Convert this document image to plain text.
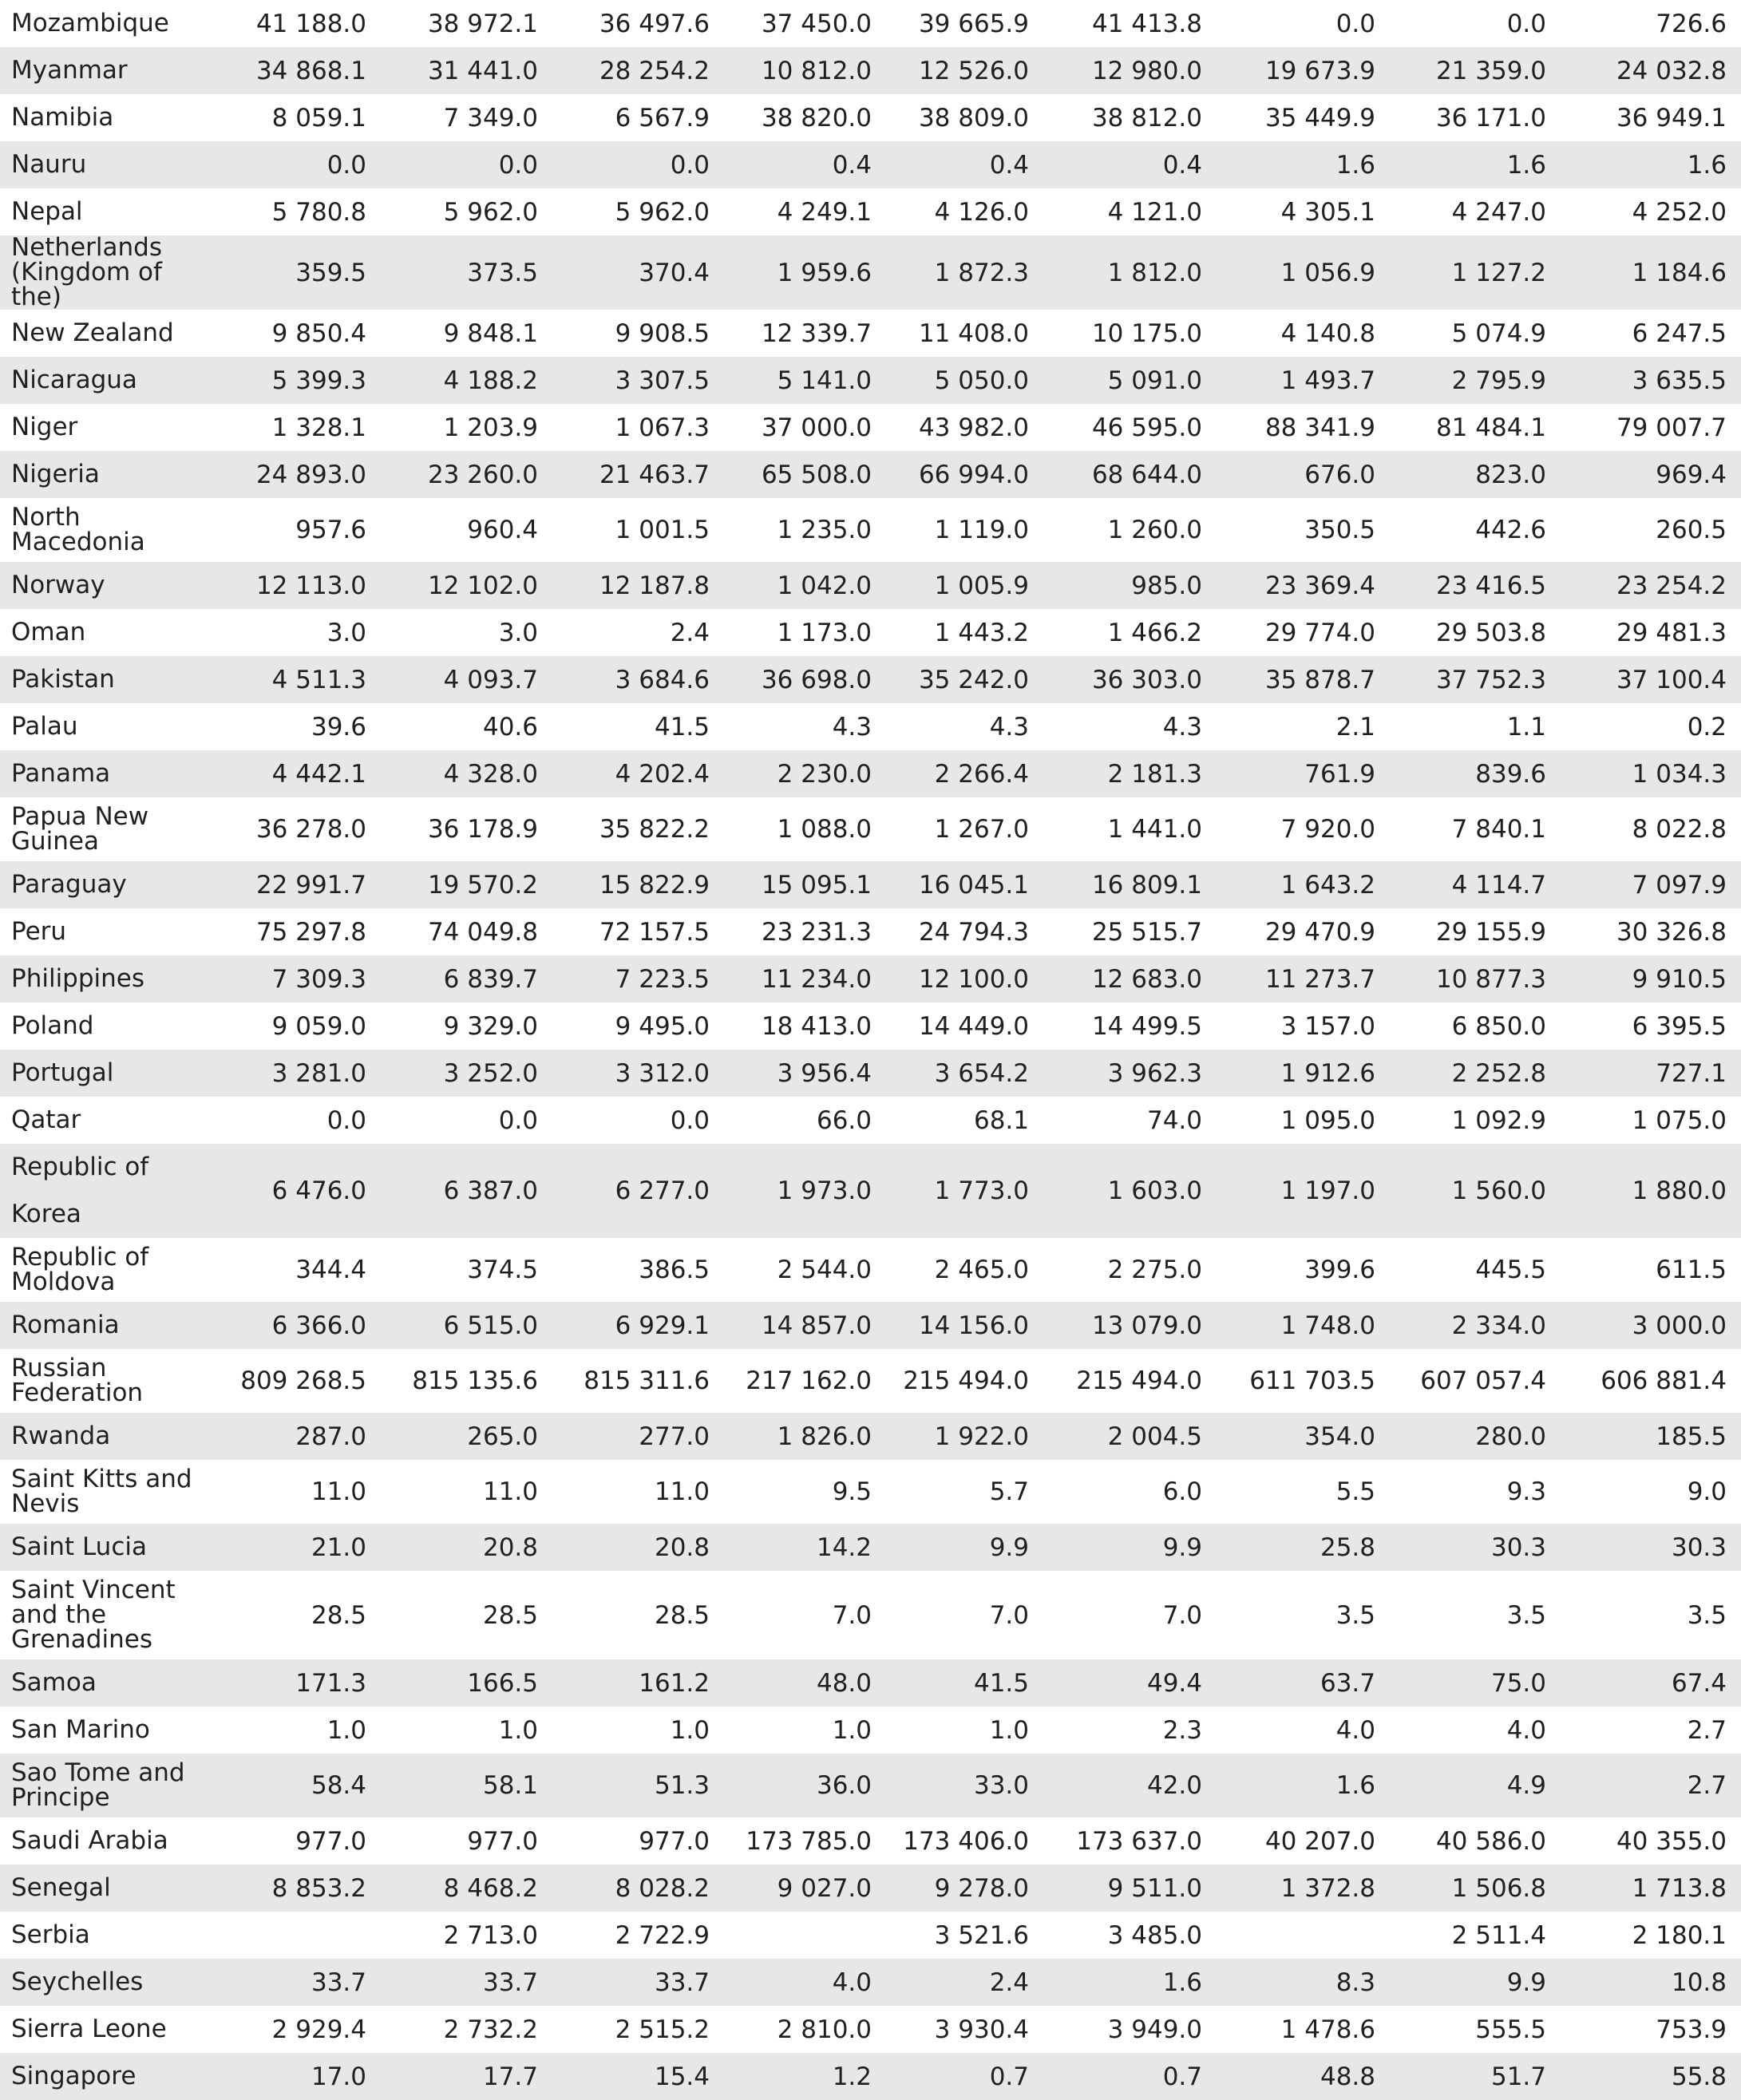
Mozambique	41 188.0	38 972.1	36 497.6	37 450.0	39 665.9	41 413.8	0.0	0.0	726.6

Myanmar	34 868.1	31 441.0	28 254.2	10 812.0	12 526.0	12 980.0	19 673.9	21 359.0	24 032.8

Namibia	8 059.1	7 349.0	6 567.9	38 820.0	38 809.0	38 812.0	35 449.9	36 171.0	36 949.1

Nauru	0.0	0.0	0.0	0.4	0.4	0.4	1.6	1.6	1.6

Nepal	5 780.8	5 962.0	5 962.0	4 249.1	4 126.0	4 121.0	4 305.1	4 247.0	4 252.0

Netherlands
(Kingdom of the)	359.5	373.5	370.4	1 959.6	1 872.3	1 812.0	1 056.9	1 127.2	1 184.6

New Zealand	9 850.4	9 848.1	9 908.5	12 339.7	11 408.0	10 175.0	4 140.8	5 074.9	6 247.5

Nicaragua	5 399.3	4 188.2	3 307.5	5 141.0	5 050.0	5 091.0	1 493.7	2 795.9	3 635.5

Niger	1 328.1	1 203.9	1 067.3	37 000.0	43 982.0	46 595.0	88 341.9	81 484.1	79 007.7

Nigeria	24 893.0	23 260.0	21 463.7	65 508.0	66 994.0	68 644.0	676.0	823.0	969.4

North
Macedonia	957.6	960.4	1 001.5	1 235.0	1 119.0	1 260.0	350.5	442.6	260.5

Norway	12 113.0	12 102.0	12 187.8	1 042.0	1 005.9	985.0	23 369.4	23 416.5	23 254.2

Oman	3.0	3.0	2.4	1 173.0	1 443.2	1 466.2	29 774.0	29 503.8	29 481.3

Pakistan	4 511.3	4 093.7	3 684.6	36 698.0	35 242.0	36 303.0	35 878.7	37 752.3	37 100.4

Palau	39.6	40.6	41.5	4.3	4.3	4.3	2.1	1.1	0.2

Panama	4 442.1	4 328.0	4 202.4	2 230.0	2 266.4	2 181.3	761.9	839.6	1 034.3

Papua New
Guinea	36 278.0	36 178.9	35 822.2	1 088.0	1 267.0	1 441.0	7 920.0	7 840.1	8 022.8

Paraguay	22 991.7	19 570.2	15 822.9	15 095.1	16 045.1	16 809.1	1 643.2	4 114.7	7 097.9

Peru	75 297.8	74 049.8	72 157.5	23 231.3	24 794.3	25 515.7	29 470.9	29 155.9	30 326.8

Philippines	7 309.3	6 839.7	7 223.5	11 234.0	12 100.0	12 683.0	11 273.7	10 877.3	9 910.5

Poland	9 059.0	9 329.0	9 495.0	18 413.0	14 449.0	14 499.5	3 157.0	6 850.0	6 395.5

Portugal	3 281.0	3 252.0	3 312.0	3 956.4	3 654.2	3 962.3	1 912.6	2 252.8	727.1

Qatar	0.0	0.0	0.0	66.0	68.1	74.0	1 095.0	1 092.9	1 075.0

Republic of Korea	6 476.0	6 387.0	6 277.0	1 973.0	1 773.0	1 603.0	1 197.0	1 560.0	1 880.0

Republic of
Moldova	344.4	374.5	386.5	2 544.0	2 465.0	2 275.0	399.6	445.5	611.5

Romania	6 366.0	6 515.0	6 929.1	14 857.0	14 156.0	13 079.0	1 748.0	2 334.0	3 000.0

Russian
Federation	809 268.5	815 135.6	815 311.6	217 162.0	215 494.0	215 494.0	611 703.5	607 057.4	606 881.4

Rwanda	287.0	265.0	277.0	1 826.0	1 922.0	2 004.5	354.0	280.0	185.5

Saint Kitts and
Nevis	11.0	11.0	11.0	9.5	5.7	6.0	5.5	9.3	9.0

Saint Lucia	21.0	20.8	20.8	14.2	9.9	9.9	25.8	30.3	30.3

Saint Vincent
and the
Grenadines	28.5	28.5	28.5	7.0	7.0	7.0	3.5	3.5	3.5

Samoa	171.3	166.5	161.2	48.0	41.5	49.4	63.7	75.0	67.4

San Marino	1.0	1.0	1.0	1.0	1.0	2.3	4.0	4.0	2.7

Sao Tome and
Principe	58.4	58.1	51.3	36.0	33.0	42.0	1.6	4.9	2.7

Saudi Arabia	977.0	977.0	977.0	173 785.0	173 406.0	173 637.0	40 207.0	40 586.0	40 355.0

Senegal	8 853.2	8 468.2	8 028.2	9 027.0	9 278.0	9 511.0	1 372.8	1 506.8	1 713.8

Serbia		2 713.0	2 722.9		3 521.6	3 485.0		2 511.4	2 180.1

Seychelles	33.7	33.7	33.7	4.0	2.4	1.6	8.3	9.9	10.8

Sierra Leone	2 929.4	2 732.2	2 515.2	2 810.0	3 930.4	3 949.0	1 478.6	555.5	753.9

Singapore	17.0	17.7	15.4	1.2	0.7	0.7	48.8	51.7	55.8
